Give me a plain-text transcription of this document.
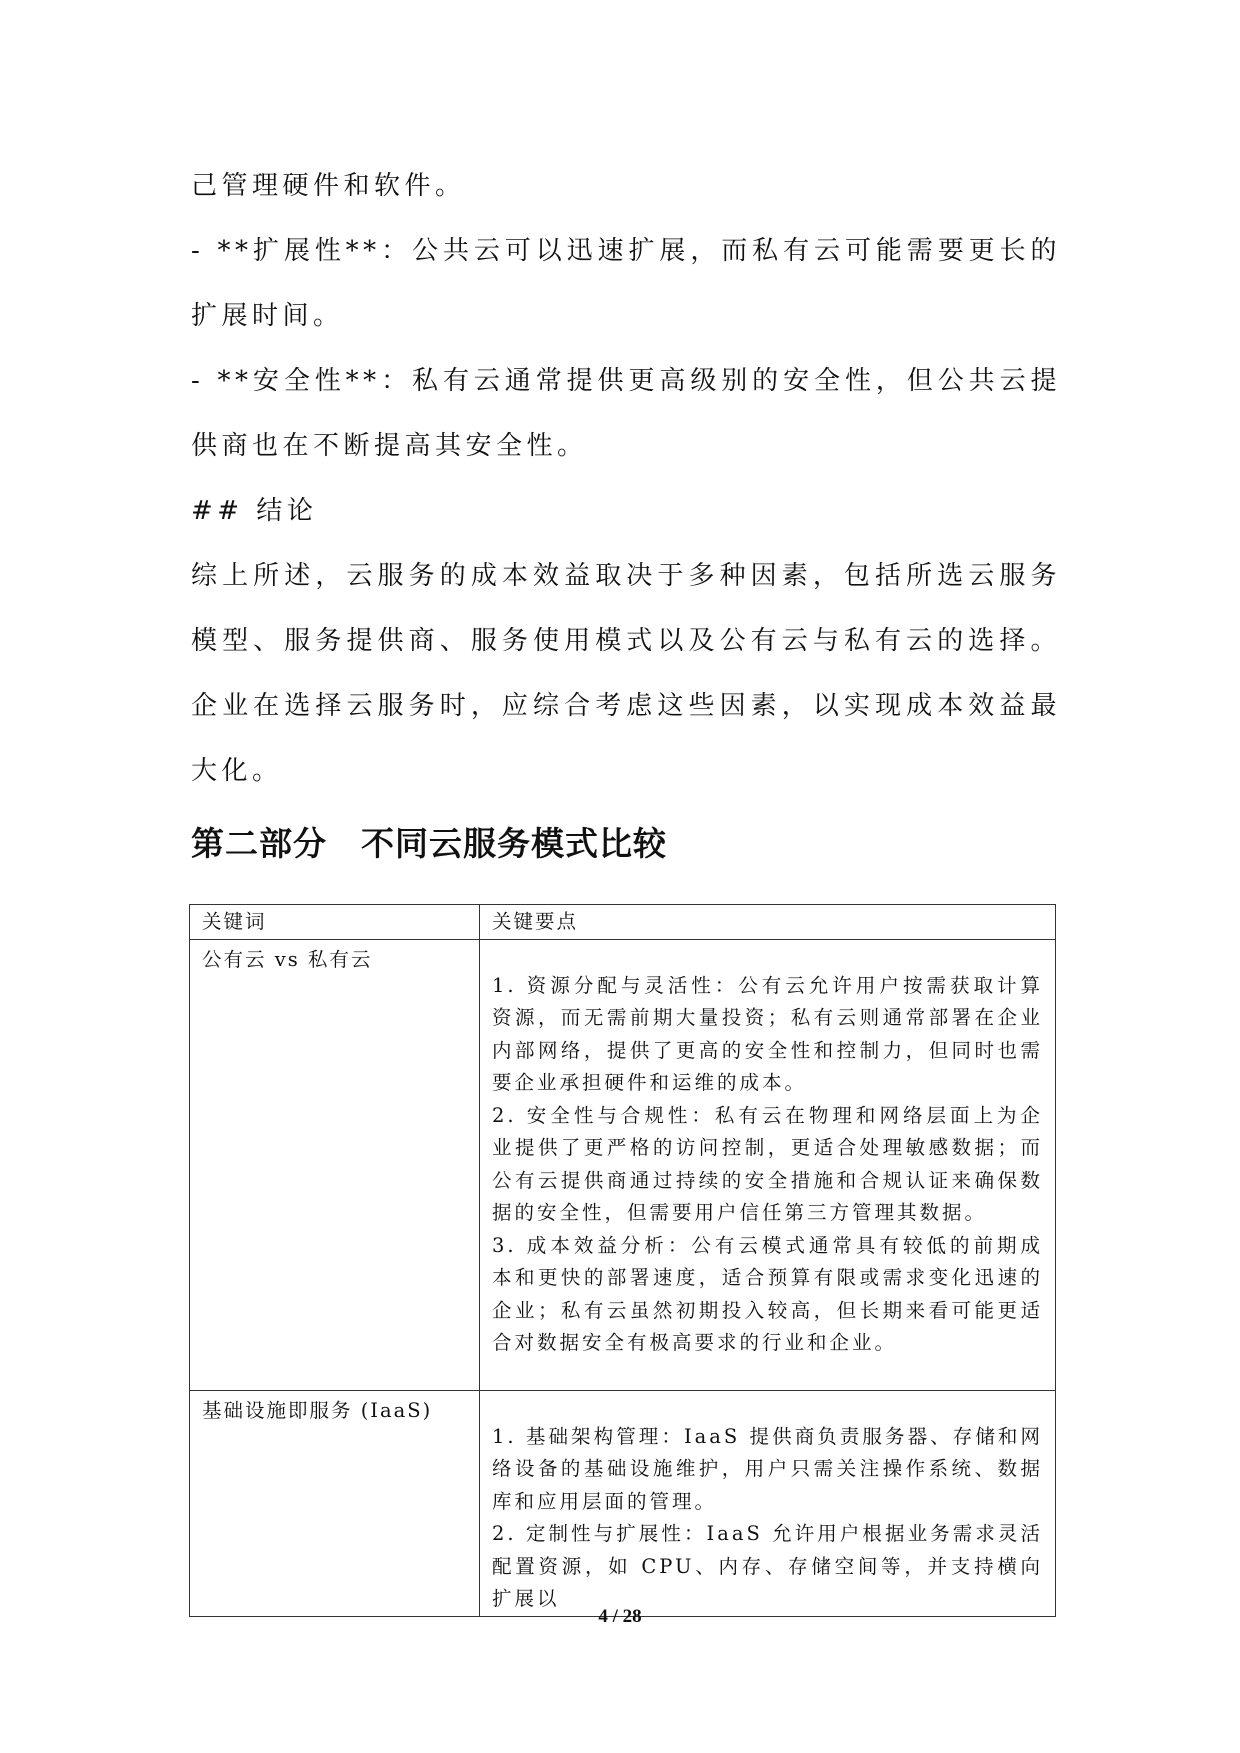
己管理硬件和软件。

- **扩展性**：公共云可以迅速扩展，而私有云可能需要更长的扩展时间。

- **安全性**：私有云通常提供更高级别的安全性，但公共云提供商也在不断提高其安全性。

## 结论

综上所述，云服务的成本效益取决于多种因素，包括所选云服务模型、服务提供商、服务使用模式以及公有云与私有云的选择。企业在选择云服务时，应综合考虑这些因素，以实现成本效益最大化。

第二部分　不同云服务模式比较
关键词	关键要点
公有云 vs 私有云	1. 资源分配与灵活性：公有云允许用户按需获取计算资源，而无需前期大量投资；私有云则通常部署在企业内部网络，提供了更高的安全性和控制力，但同时也需要企业承担硬件和运维的成本。

2. 安全性与合规性：私有云在物理和网络层面上为企业提供了更严格的访问控制，更适合处理敏感数据；而公有云提供商通过持续的安全措施和合规认证来确保数据的安全性，但需要用户信任第三方管理其数据。

3. 成本效益分析：公有云模式通常具有较低的前期成本和更快的部署速度，适合预算有限或需求变化迅速的企业；私有云虽然初期投入较高，但长期来看可能更适合对数据安全有极高要求的行业和企业。

基础设施即服务 (IaaS)	1. 基础架构管理：IaaS 提供商负责服务器、存储和网络设备的基础设施维护，用户只需关注操作系统、数据库和应用层面的管理。

2. 定制性与扩展性：IaaS 允许用户根据业务需求灵活配置资源，如 CPU、内存、存储空间等，并支持横向扩展以

4 / 28
